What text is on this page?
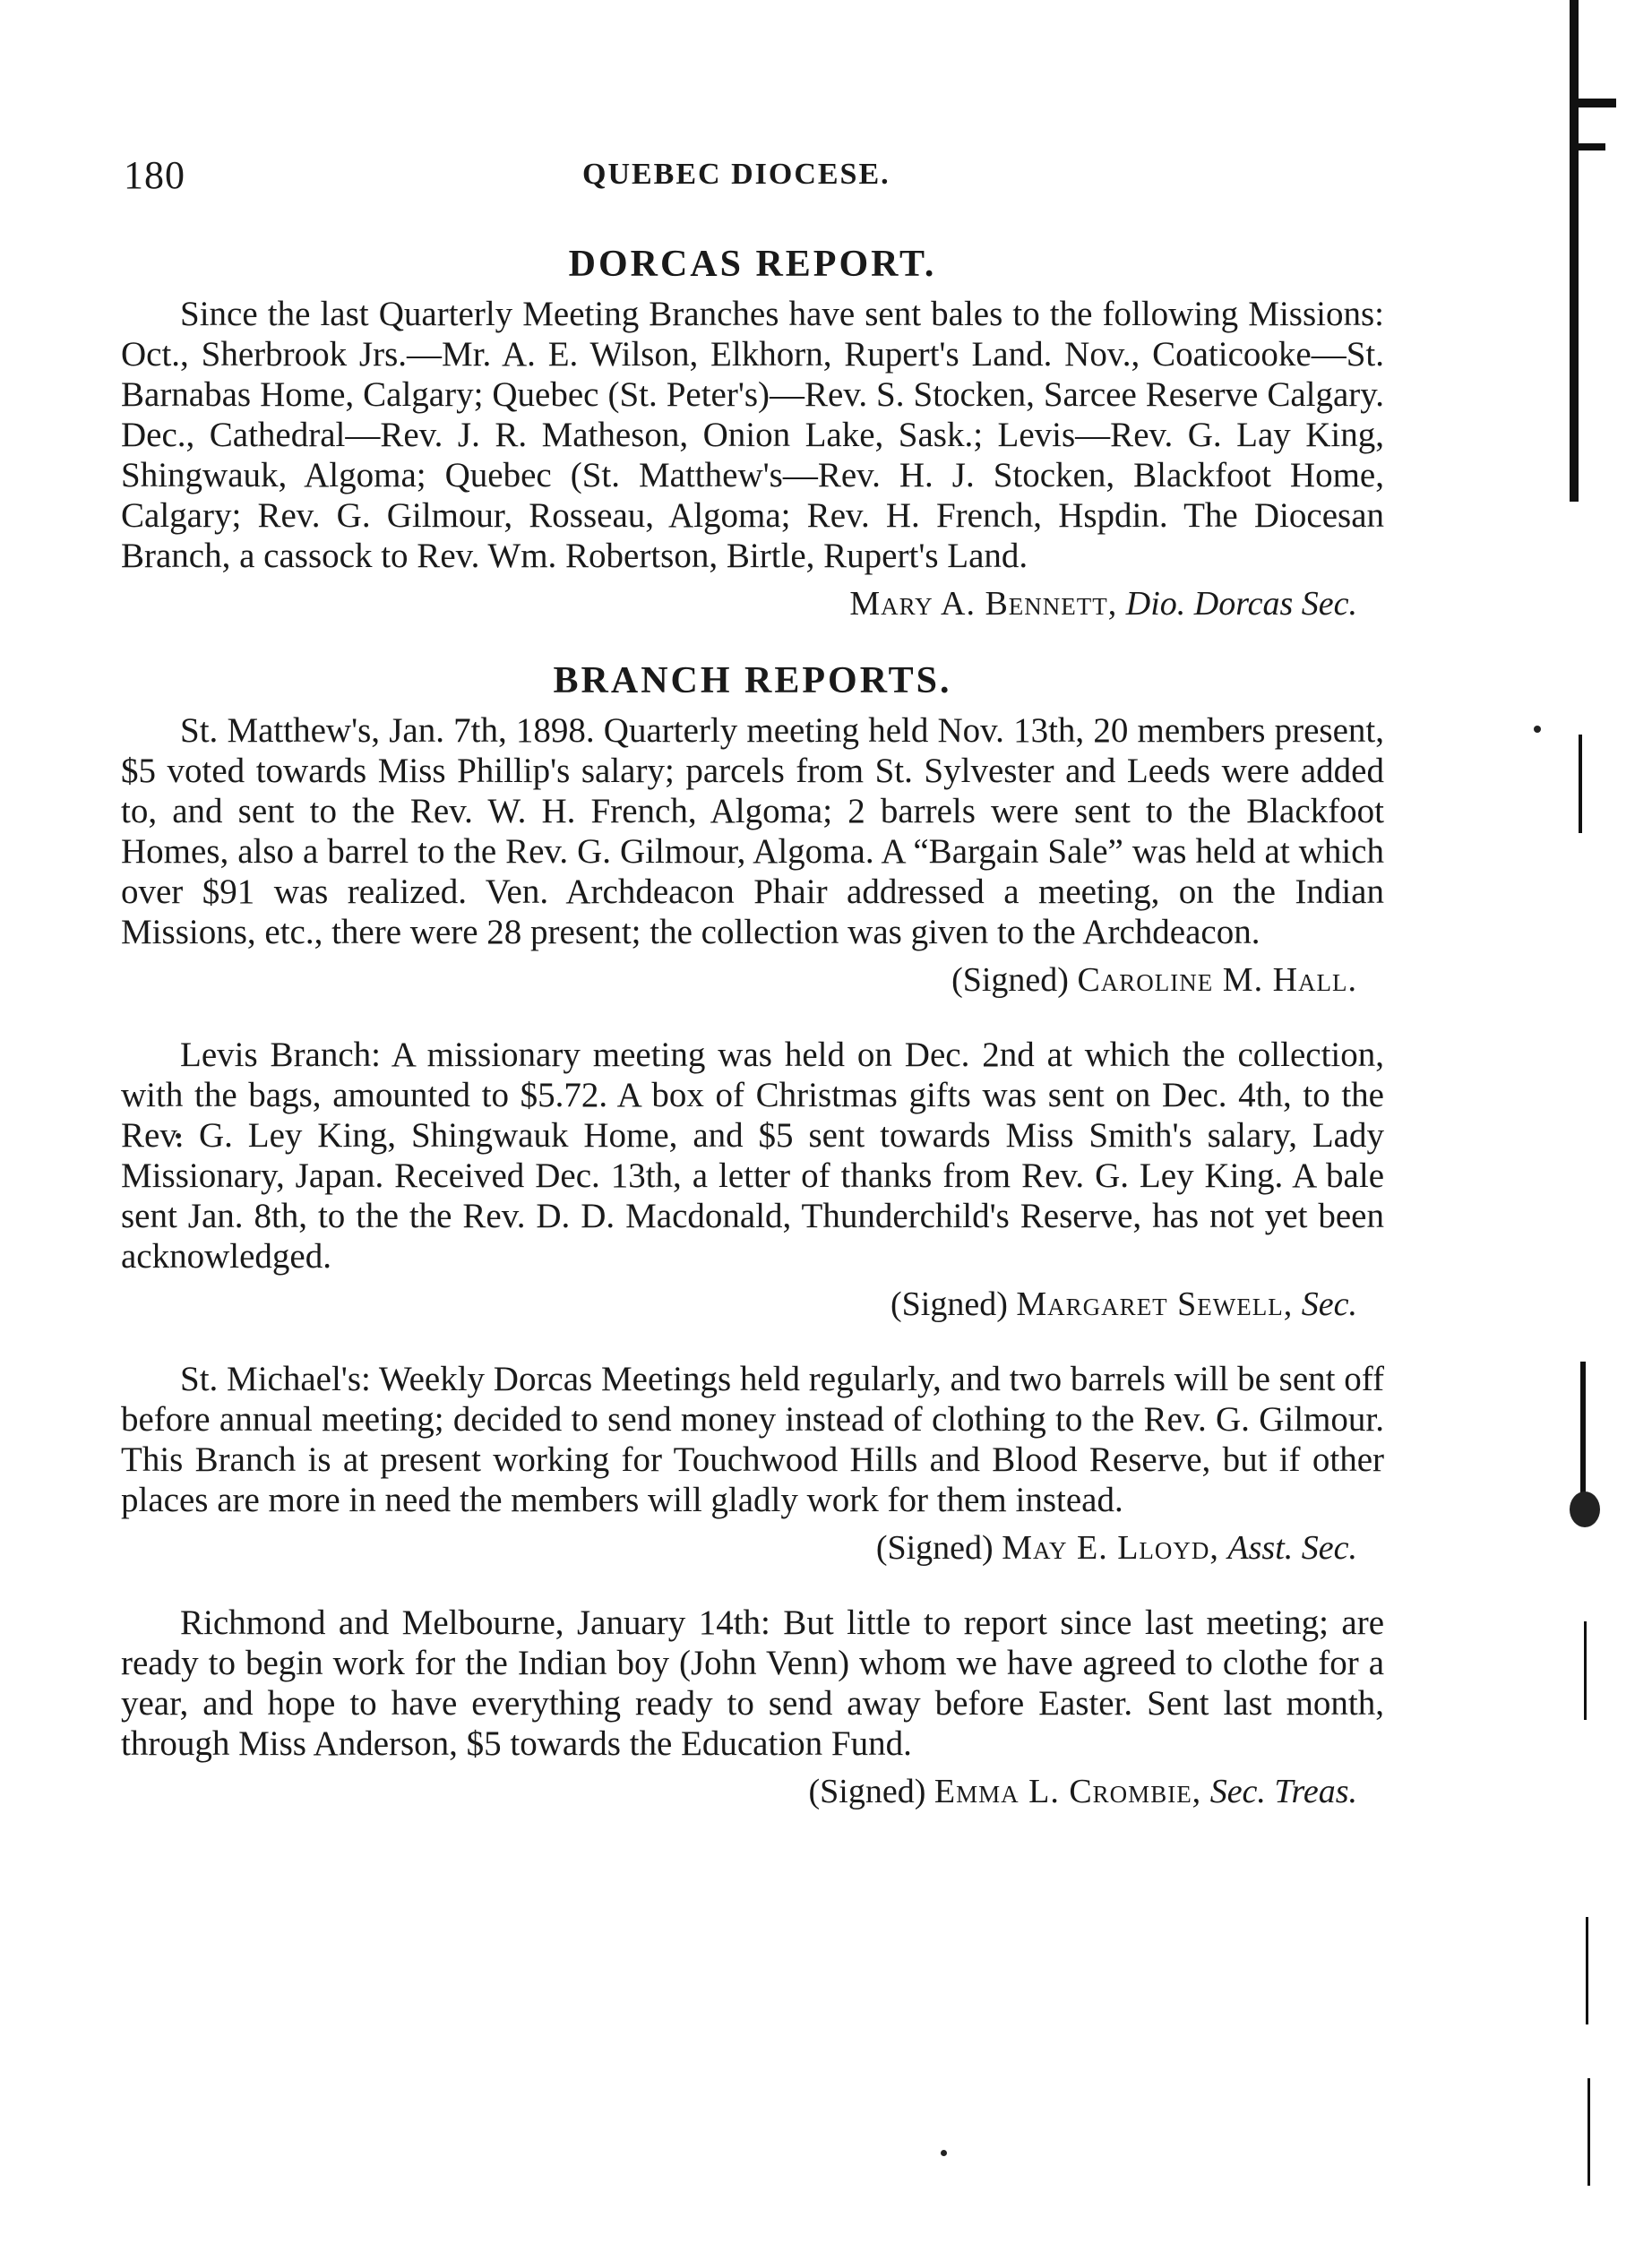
180	QUEBEC DIOCESE.
DORCAS REPORT.

Since the last Quarterly Meeting Branches have sent bales to the following Missions: Oct., Sherbrook Jrs.—Mr. A. E. Wilson, Elkhorn, Rupert's Land. Nov., Coaticooke—St. Barnabas Home, Calgary; Quebec (St. Peter's)—Rev. S. Stocken, Sarcee Reserve Calgary. Dec., Cathedral—Rev. J. R. Matheson, Onion Lake, Sask.; Levis—Rev. G. Lay King, Shingwauk, Algoma; Quebec (St. Matthew's—Rev. H. J. Stocken, Blackfoot Home, Calgary; Rev. G. Gilmour, Rosseau, Algoma; Rev. H. French, Hspdin. The Diocesan Branch, a cassock to Rev. Wm. Robertson, Birtle, Rupert's Land.

Mary A. Bennett, Dio. Dorcas Sec.
BRANCH REPORTS.

St. Matthew's, Jan. 7th, 1898. Quarterly meeting held Nov. 13th, 20 members present, $5 voted towards Miss Phillip's salary; parcels from St. Sylvester and Leeds were added to, and sent to the Rev. W. H. French, Algoma; 2 barrels were sent to the Blackfoot Homes, also a barrel to the Rev. G. Gilmour, Algoma. A “Bargain Sale” was held at which over $91 was realized. Ven. Archdeacon Phair addressed a meeting, on the Indian Missions, etc., there were 28 present; the collection was given to the Archdeacon.

(Signed) Caroline M. Hall.

Levis Branch: A missionary meeting was held on Dec. 2nd at which the collection, with the bags, amounted to $5.72. A box of Christmas gifts was sent on Dec. 4th, to the Rev. G. Ley King, Shingwauk Home, and $5 sent towards Miss Smith's salary, Lady Missionary, Japan. Received Dec. 13th, a letter of thanks from Rev. G. Ley King. A bale sent Jan. 8th, to the the Rev. D. D. Macdonald, Thunderchild's Reserve, has not yet been acknowledged.

(Signed) Margaret Sewell, Sec.

St. Michael's: Weekly Dorcas Meetings held regularly, and two barrels will be sent off before annual meeting; decided to send money instead of clothing to the Rev. G. Gilmour. This Branch is at present working for Touchwood Hills and Blood Reserve, but if other places are more in need the members will gladly work for them instead.

(Signed) May E. Lloyd, Asst. Sec.

Richmond and Melbourne, January 14th: But little to report since last meeting; are ready to begin work for the Indian boy (John Venn) whom we have agreed to clothe for a year, and hope to have everything ready to send away before Easter. Sent last month, through Miss Anderson, $5 towards the Education Fund.

(Signed) Emma L. Crombie, Sec. Treas.
